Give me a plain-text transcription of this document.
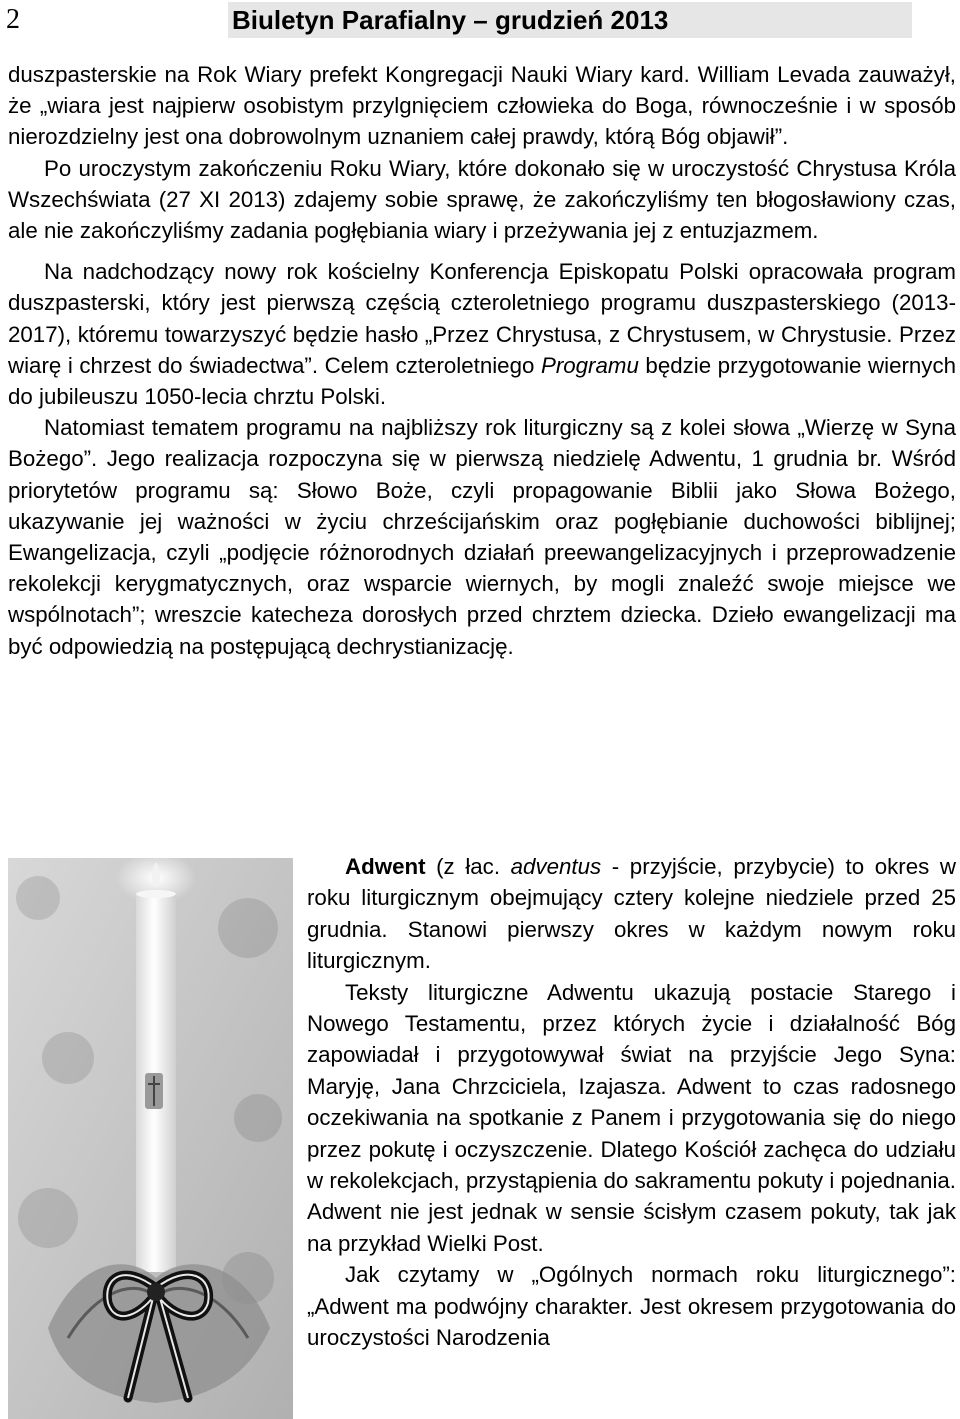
2	Biuletyn Parafialny – grudzień 2013

duszpasterskie na Rok Wiary prefekt Kongregacji Nauki Wiary kard. William Levada zauważył, że „wiara jest najpierw osobistym przylgnięciem człowieka do Boga, równocześnie i w sposób nierozdzielny jest ona dobrowolnym uznaniem całej prawdy, którą Bóg objawił”.

Po uroczystym zakończeniu Roku Wiary, które dokonało się w uroczystość Chrystusa Króla Wszechświata (27 XI 2013) zdajemy sobie sprawę, że zakończyliśmy ten błogosławiony czas, ale nie zakończyliśmy zadania pogłębiania wiary i przeżywania jej z entuzjazmem.

Na nadchodzący nowy rok kościelny Konferencja Episkopatu Polski opracowała program duszpasterski, który jest pierwszą częścią czteroletniego programu duszpasterskiego (2013-2017), któremu towarzyszyć będzie hasło „Przez Chrystusa, z Chrystusem, w Chrystusie. Przez wiarę i chrzest do świadectwa”. Celem czteroletniego Programu będzie przygotowanie wiernych do jubileuszu 1050-lecia chrztu Polski.

Natomiast tematem programu na najbliższy rok liturgiczny są z kolei słowa „Wierzę w Syna Bożego”. Jego realizacja rozpoczyna się w pierwszą niedzielę Adwentu, 1 grudnia br. Wśród priorytetów programu są: Słowo Boże, czyli propagowanie Biblii jako Słowa Bożego, ukazywanie jej ważności w życiu chrześcijańskim oraz pogłębianie duchowości biblijnej; Ewangelizacja, czyli „podjęcie różnorodnych działań preewangelizacyjnych i przeprowadzenie rekolekcji kerygmatycznych, oraz wsparcie wiernych, by mogli znaleźć swoje miejsce we wspólnotach”; wreszcie katecheza dorosłych przed chrztem dziecka. Dzieło ewangelizacji ma być odpowiedzią na postępującą dechrystianizację.

Adwent (z łac. adventus - przyjście, przybycie) to okres w roku liturgicznym obejmujący cztery kolejne niedziele przed 25 grudnia. Stanowi pierwszy okres w każdym nowym roku liturgicznym.

Teksty liturgiczne Adwentu ukazują postacie Starego i Nowego Testamentu, przez których życie i działalność Bóg zapowiadał i przygotowywał świat na przyjście Jego Syna: Maryję, Jana Chrzciciela, Izajasza. Adwent to czas radosnego oczekiwania na spotkanie z Panem i przygotowania się do niego przez pokutę i oczyszczenie. Dlatego Kościół zachęca do udziału w rekolekcjach, przystąpienia do sakramentu pokuty i pojednania. Adwent nie jest jednak w sensie ścisłym czasem pokuty, tak jak na przykład Wielki Post.

Jak czytamy w „Ogólnych normach roku liturgicznego”: „Adwent ma podwójny charakter. Jest okresem przygotowania do uroczystości Narodzenia
